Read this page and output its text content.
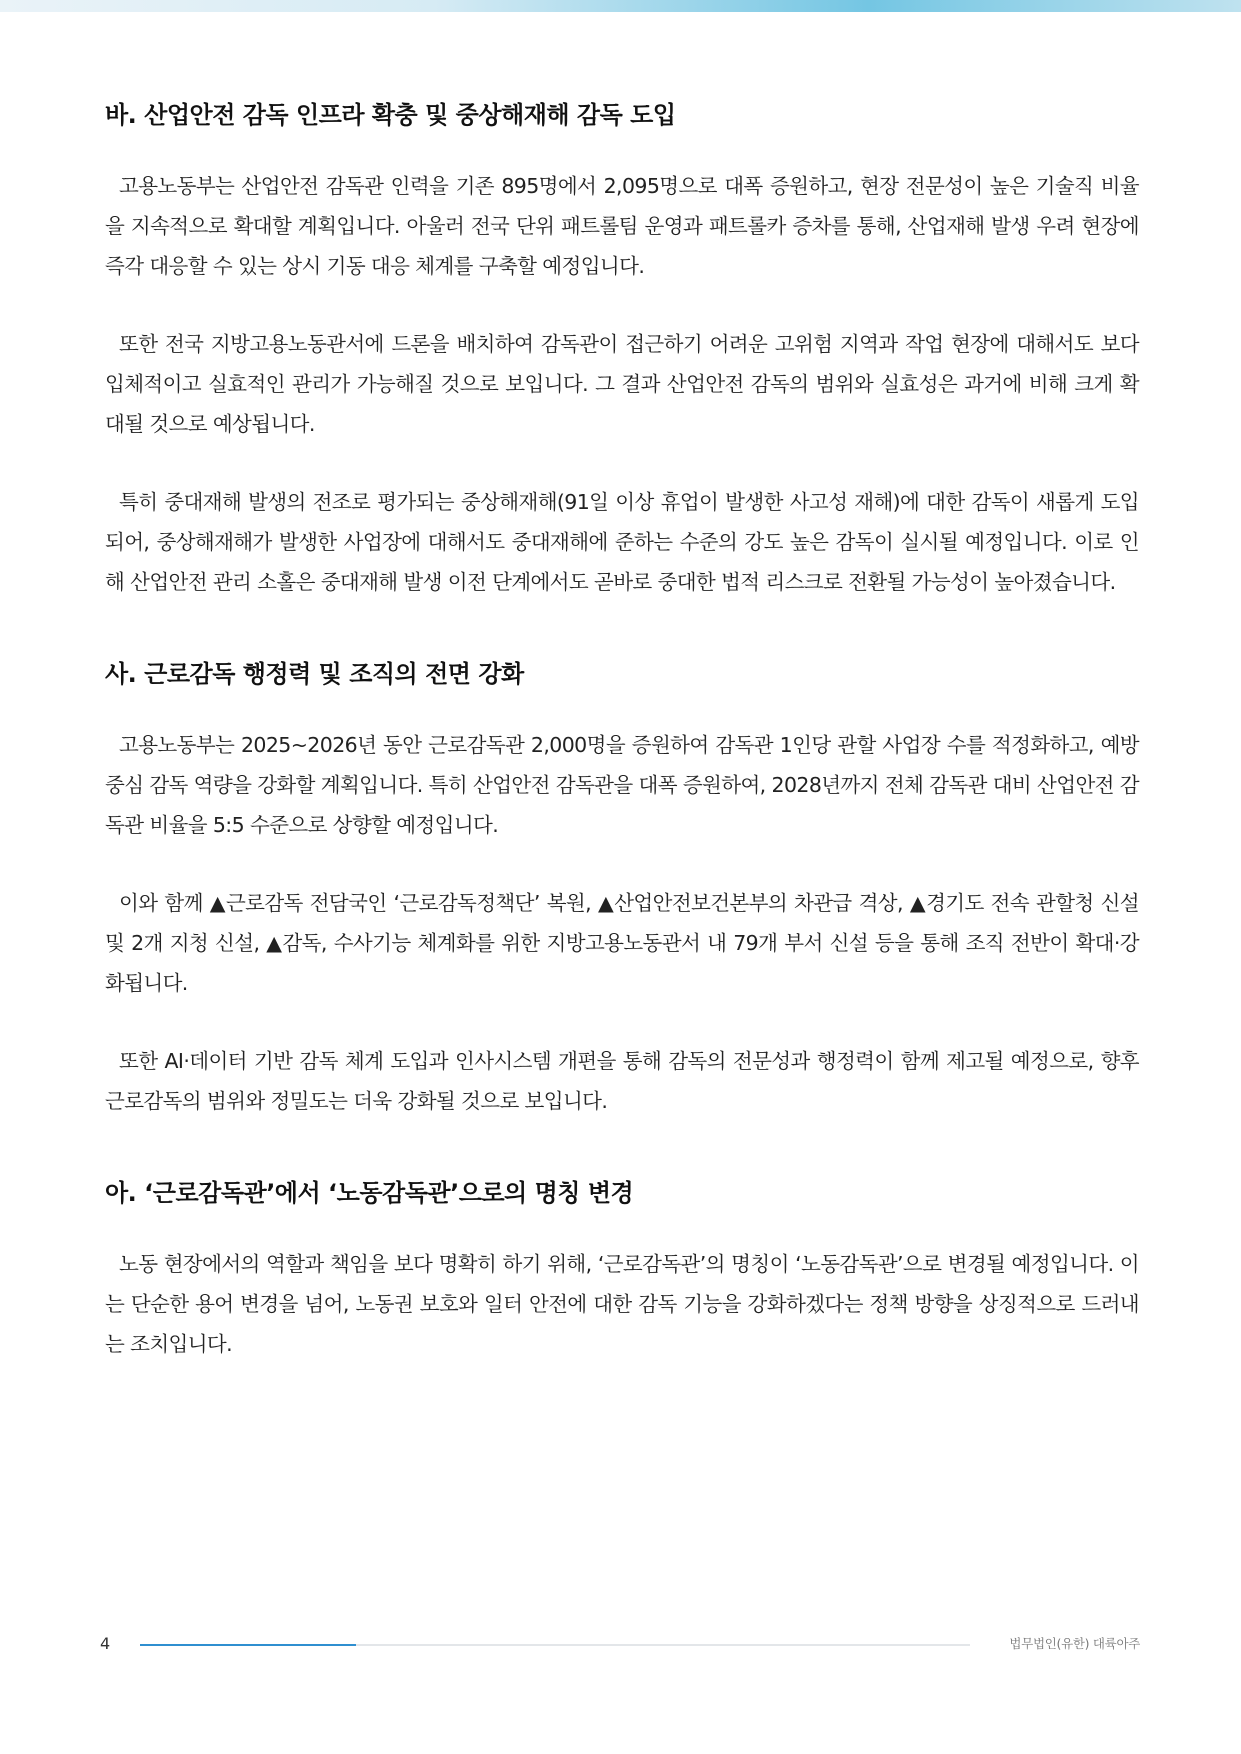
바. 산업안전 감독 인프라 확충 및 중상해재해 감독 도입

고용노동부는 산업안전 감독관 인력을 기존 895명에서 2,095명으로 대폭 증원하고, 현장 전문성이 높은 기술직 비율을 지속적으로 확대할 계획입니다. 아울러 전국 단위 패트롤팀 운영과 패트롤카 증차를 통해, 산업재해 발생 우려 현장에 즉각 대응할 수 있는 상시 기동 대응 체계를 구축할 예정입니다.

또한 전국 지방고용노동관서에 드론을 배치하여 감독관이 접근하기 어려운 고위험 지역과 작업 현장에 대해서도 보다 입체적이고 실효적인 관리가 가능해질 것으로 보입니다. 그 결과 산업안전 감독의 범위와 실효성은 과거에 비해 크게 확대될 것으로 예상됩니다.

특히 중대재해 발생의 전조로 평가되는 중상해재해(91일 이상 휴업이 발생한 사고성 재해)에 대한 감독이 새롭게 도입되어, 중상해재해가 발생한 사업장에 대해서도 중대재해에 준하는 수준의 강도 높은 감독이 실시될 예정입니다. 이로 인해 산업안전 관리 소홀은 중대재해 발생 이전 단계에서도 곧바로 중대한 법적 리스크로 전환될 가능성이 높아졌습니다.

사. 근로감독 행정력 및 조직의 전면 강화

고용노동부는 2025~2026년 동안 근로감독관 2,000명을 증원하여 감독관 1인당 관할 사업장 수를 적정화하고, 예방 중심 감독 역량을 강화할 계획입니다. 특히 산업안전 감독관을 대폭 증원하여, 2028년까지 전체 감독관 대비 산업안전 감독관 비율을 5:5 수준으로 상향할 예정입니다.

이와 함께 ▲근로감독 전담국인 ‘근로감독정책단’ 복원, ▲산업안전보건본부의 차관급 격상, ▲경기도 전속 관할청 신설 및 2개 지청 신설, ▲감독, 수사기능 체계화를 위한 지방고용노동관서 내 79개 부서 신설 등을 통해 조직 전반이 확대·강화됩니다.

또한 AI·데이터 기반 감독 체계 도입과 인사시스템 개편을 통해 감독의 전문성과 행정력이 함께 제고될 예정으로, 향후 근로감독의 범위와 정밀도는 더욱 강화될 것으로 보입니다.

아. ‘근로감독관’에서 ‘노동감독관’으로의 명칭 변경

노동 현장에서의 역할과 책임을 보다 명확히 하기 위해, ‘근로감독관’의 명칭이 ‘노동감독관’으로 변경될 예정입니다. 이는 단순한 용어 변경을 넘어, 노동권 보호와 일터 안전에 대한 감독 기능을 강화하겠다는 정책 방향을 상징적으로 드러내는 조치입니다.

4	법무법인(유한) 대륙아주
